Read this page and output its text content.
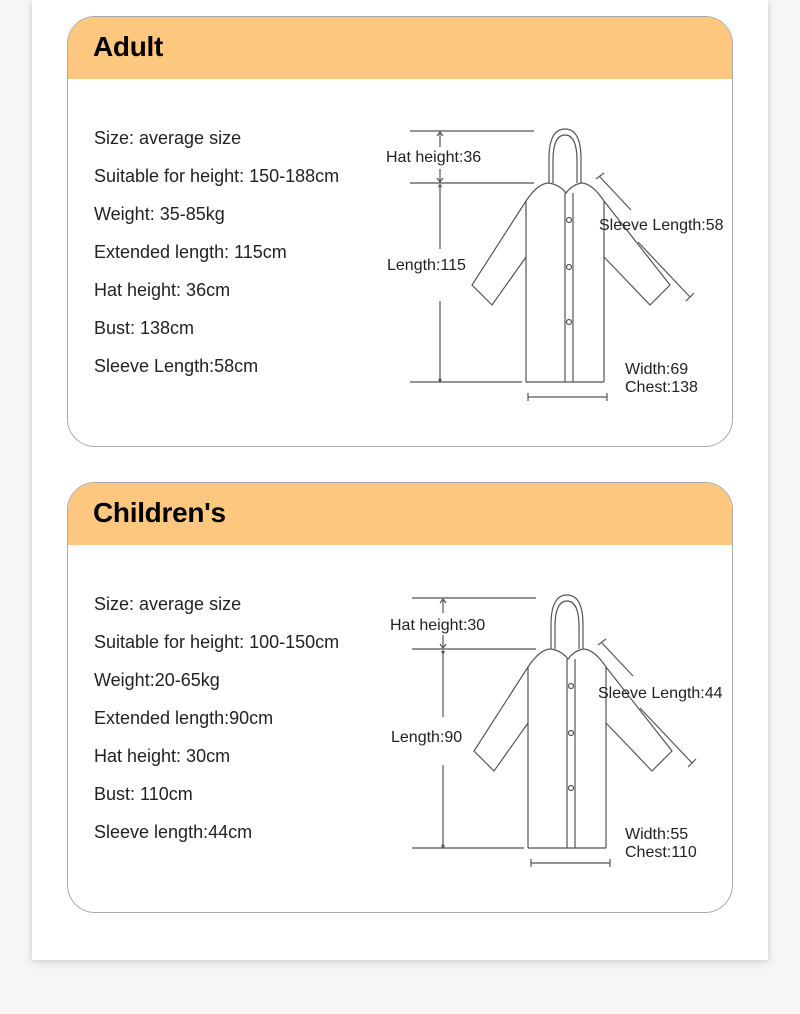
Adult
Size: average size
Suitable for height: 150-188cm
Weight: 35-85kg
Extended length: 115cm
Hat height: 36cm
Bust: 138cm
Sleeve Length:58cm
Hat height:36
Length:115
Sleeve Length:58
Width:69
Chest:138
Children's
Size: average size
Suitable for height: 100-150cm
Weight:20-65kg
Extended length:90cm
Hat height: 30cm
Bust: 110cm
Sleeve length:44cm
Hat height:30
Length:90
Sleeve Length:44
Width:55
Chest:110
